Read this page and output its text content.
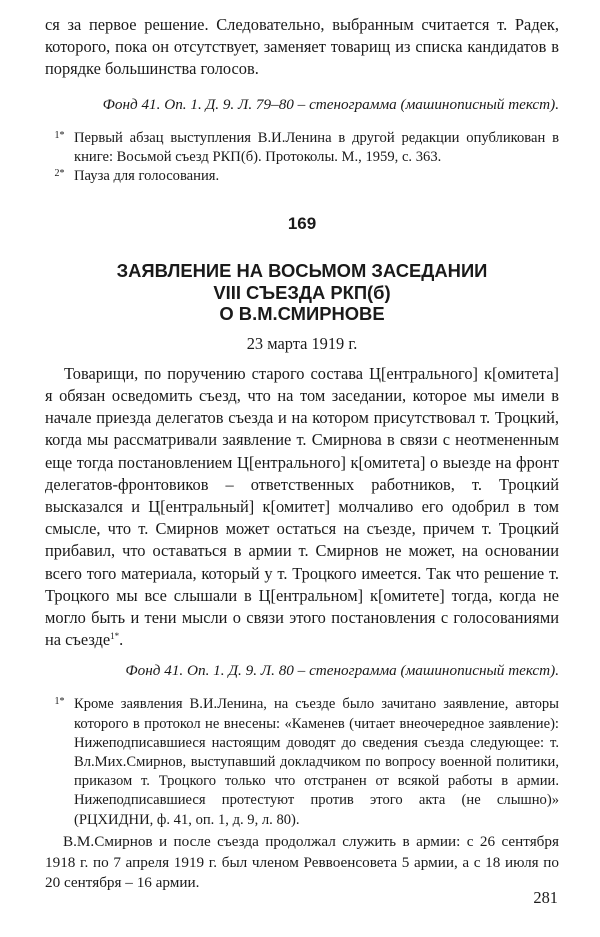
ся за первое решение. Следовательно, выбранным считается т. Радек, которого, пока он отсутствует, заменяет товарищ из списка кандидатов в порядке большинства голосов.

Фонд 41. Оп. 1. Д. 9. Л. 79–80 – стенограмма (машинописный текст).

1* Первый абзац выступления В.И.Ленина в другой редакции опубликован в книге: Восьмой съезд РКП(б). Протоколы. М., 1959, с. 363.
2* Пауза для голосования.
169
ЗАЯВЛЕНИЕ НА ВОСЬМОМ ЗАСЕДАНИИ
VIII СЪЕЗДА РКП(б)
О В.М.СМИРНОВЕ
23 марта 1919 г.

Товарищи, по поручению старого состава Ц[ентрального] к[омитета] я обязан осведомить съезд, что на том заседании, которое мы имели в начале приезда делегатов съезда и на котором присутствовал т. Троцкий, когда мы рассматривали заявление т. Смирнова в связи с неотмененным еще тогда постановлением Ц[ентрального] к[омитета] о выезде на фронт делегатов-фронтовиков – ответственных работников, т. Троцкий высказался и Ц[ентральный] к[омитет] молчаливо его одобрил в том смысле, что т. Смирнов может остаться на съезде, причем т. Троцкий прибавил, что оставаться в армии т. Смирнов не может, на основании всего того материала, который у т. Троцкого имеется. Так что решение т. Троцкого мы все слышали в Ц[ентральном] к[омитете] тогда, когда не могло быть и тени мысли о связи этого постановления с голосованиями на съезде$^{1*}$.

Фонд 41. Оп. 1. Д. 9. Л. 80 – стенограмма (машинописный текст).

1* Кроме заявления В.И.Ленина, на съезде было зачитано заявление, авторы которого в протокол не внесены: «Каменев (читает внеочередное заявление): Нижеподписавшиеся настоящим доводят до сведения съезда следующее: т. Вл.Мих.Смирнов, выступавший докладчиком по вопросу военной политики, приказом т. Троцкого только что отстранен от всякой работы в армии. Нижеподписавшиеся протестуют против этого акта (не слышно)» (РЦХИДНИ, ф. 41, оп. 1, д. 9, л. 80).

В.М.Смирнов и после съезда продолжал служить в армии: с 26 сентября 1918 г. по 7 апреля 1919 г. был членом Реввоенсовета 5 армии, а с 18 июля по 20 сентября – 16 армии.

281
